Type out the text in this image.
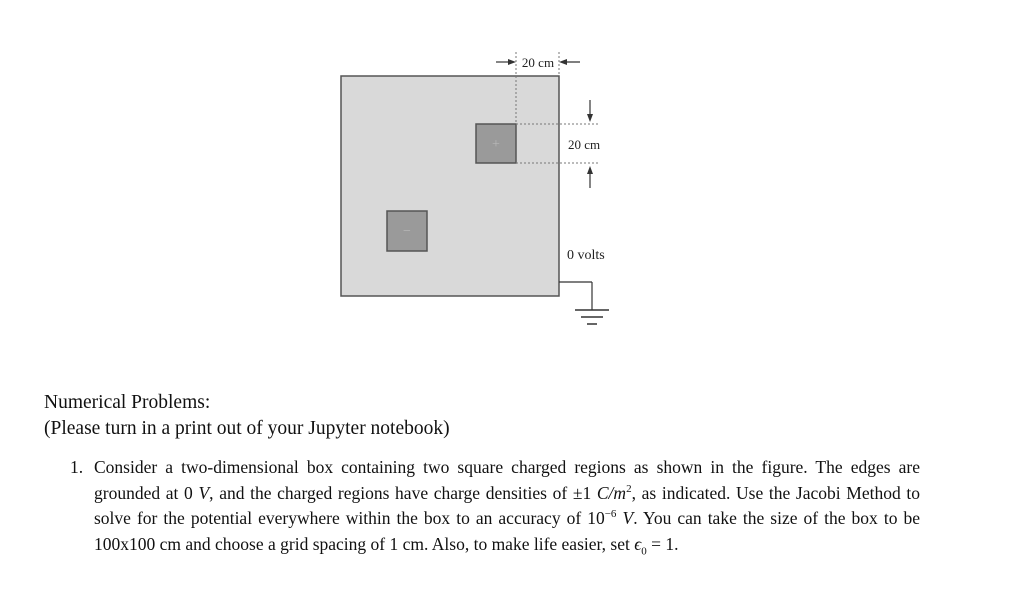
+
−
20 cm
20 cm
0 volts
Numerical Problems:
(Please turn in a print out of your Jupyter notebook)
1. Consider a two-dimensional box containing two square charged regions as shown in the figure. The edges are grounded at 0 V, and the charged regions have charge densities of ±1 $C/m^2$, as indicated. Use the Jacobi Method to solve for the potential everywhere within the box to an accuracy of $10^{-6}$ V. You can take the size of the box to be 100x100 cm and choose a grid spacing of 1 cm. Also, to make life easier, set $\epsilon_0 = 1$.
